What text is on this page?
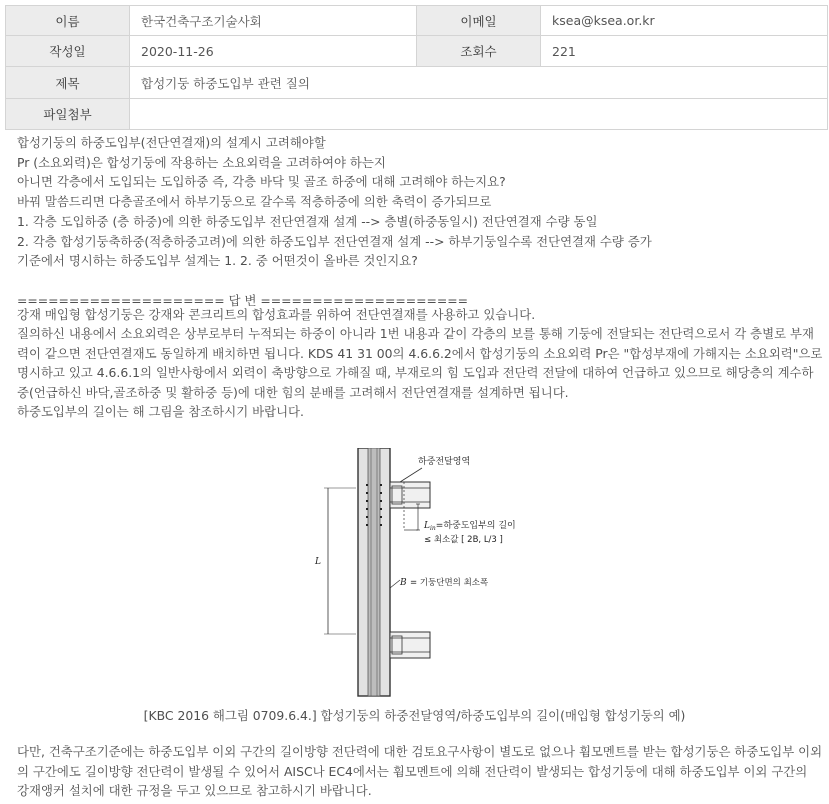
이름	한국건축구조기술사회	이메일	ksea@ksea.or.kr
작성일	2020-11-26	조회수	221
제목	합성기둥 하중도입부 관련 질의		
파일첨부			

합성기둥의 하중도입부(전단연결재)의 설계시 고려해야할

Pr (소요외력)은 합성기둥에 작용하는 소요외력을 고려하여야 하는지

아니면 각층에서 도입되는 도입하중 즉, 각층 바닥 및 골조 하중에 대해 고려해야 하는지요?

바꿔 말씀드리면 다층골조에서 하부기둥으로 갈수록 적층하중에 의한 축력이 증가되므로

1. 각층 도입하중 (층 하중)에 의한 하중도입부 전단연결재 설계 --> 층별(하중동일시) 전단연결재 수량 동일

2. 각층 합성기둥축하중(적층하중고려)에 의한 하중도입부 전단연결재 설계 --> 하부기둥일수록 전단연결재 수량 증가

기준에서 명시하는 하중도입부 설계는 1. 2. 중 어떤것이 올바른 것인지요?

==================== 답 변 ====================

강재 매입형 합성기둥은 강재와 콘크리트의 합성효과를 위하여 전단연결재를 사용하고 있습니다.

질의하신 내용에서 소요외력은 상부로부터 누적되는 하중이 아니라 1번 내용과 같이 각층의 보를 통해 기둥에 전달되는 전단력으로서 각 층별로 부재력이 같으면 전단연결재도 동일하게 배치하면 됩니다. KDS 41 31 00의 4.6.6.2에서 합성기둥의 소요외력 Pr은 "합성부재에 가해지는 소요외력"으로 명시하고 있고 4.6.6.1의 일반사항에서 외력이 축방향으로 가해질 때, 부재로의 힘 도입과 전단력 전달에 대하여 언급하고 있으므로 해당층의 계수하중(언급하신 바닥,골조하중 및 활하중 등)에 대한 힘의 분배를 고려해서 전단연결재를 설계하면 됩니다.

하중도입부의 길이는 해 그림을 참조하시기 바랍니다.

하중전달영역
$L_{in}=$하중도입부의 길이
≤ 최소값 [ 2B, L/3 ]
L
B = 기둥단면의 최소폭
[KBC 2016 해그림 0709.6.4.] 합성기둥의 하중전달영역/하중도입부의 길이(매입형 합성기둥의 예)

다만, 건축구조기준에는 하중도입부 이외 구간의 길이방향 전단력에 대한 검토요구사항이 별도로 없으나 휨모멘트를 받는 합성기둥은 하중도입부 이외의 구간에도 길이방향 전단력이 발생될 수 있어서 AISC나 EC4에서는 휨모멘트에 의해 전단력이 발생되는 합성기둥에 대해 하중도입부 이외 구간의 강재앵커 설치에 대한 규정을 두고 있으므로 참고하시기 바랍니다.
